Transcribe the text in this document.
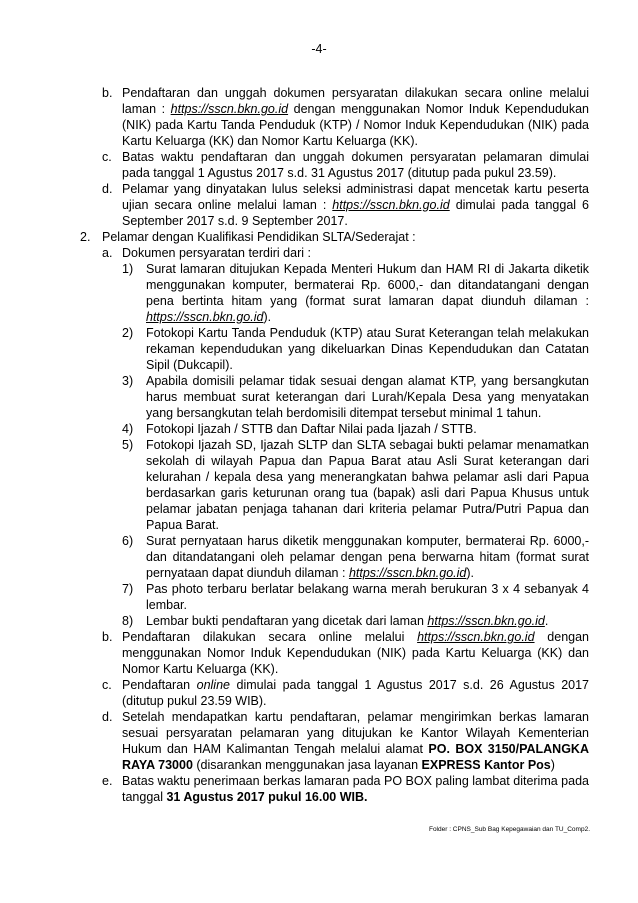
-4-
b. Pendaftaran dan unggah dokumen persyaratan dilakukan secara online melalui laman : https://sscn.bkn.go.id dengan menggunakan Nomor Induk Kependudukan (NIK) pada Kartu Tanda Penduduk (KTP) / Nomor Induk Kependudukan (NIK) pada Kartu Keluarga (KK) dan Nomor Kartu Keluarga (KK).
c. Batas waktu pendaftaran dan unggah dokumen persyaratan pelamaran dimulai pada tanggal 1 Agustus 2017 s.d. 31 Agustus 2017 (ditutup pada pukul 23.59).
d. Pelamar yang dinyatakan lulus seleksi administrasi dapat mencetak kartu peserta ujian secara online melalui laman : https://sscn.bkn.go.id dimulai pada tanggal 6 September 2017 s.d. 9 September 2017.
2. Pelamar dengan Kualifikasi Pendidikan SLTA/Sederajat :
a. Dokumen persyaratan terdiri dari :
1) Surat lamaran ditujukan Kepada Menteri Hukum dan HAM RI di Jakarta diketik menggunakan komputer, bermaterai Rp. 6000,- dan ditandatangani dengan pena bertinta hitam yang (format surat lamaran dapat diunduh dilaman : https://sscn.bkn.go.id).
2) Fotokopi Kartu Tanda Penduduk (KTP) atau Surat Keterangan telah melakukan rekaman kependudukan yang dikeluarkan Dinas Kependudukan dan Catatan Sipil (Dukcapil).
3) Apabila domisili pelamar tidak sesuai dengan alamat KTP, yang bersangkutan harus membuat surat keterangan dari Lurah/Kepala Desa yang menyatakan yang bersangkutan telah berdomisili ditempat tersebut minimal 1 tahun.
4) Fotokopi Ijazah / STTB dan Daftar Nilai pada Ijazah / STTB.
5) Fotokopi Ijazah SD, Ijazah SLTP dan SLTA sebagai bukti pelamar menamatkan sekolah di wilayah Papua dan Papua Barat atau Asli Surat keterangan dari kelurahan / kepala desa yang menerangkatan bahwa pelamar asli dari Papua berdasarkan garis keturunan orang tua (bapak) asli dari Papua Khusus untuk pelamar jabatan penjaga tahanan dari kriteria pelamar Putra/Putri Papua dan Papua Barat.
6) Surat pernyataan harus diketik menggunakan komputer, bermaterai Rp. 6000,- dan ditandatangani oleh pelamar dengan pena berwarna hitam (format surat pernyataan dapat diunduh dilaman : https://sscn.bkn.go.id).
7) Pas photo terbaru berlatar belakang warna merah berukuran 3 x 4 sebanyak 4 lembar.
8) Lembar bukti pendaftaran yang dicetak dari laman https://sscn.bkn.go.id.
b. Pendaftaran dilakukan secara online melalui https://sscn.bkn.go.id dengan menggunakan Nomor Induk Kependudukan (NIK) pada Kartu Keluarga (KK) dan Nomor Kartu Keluarga (KK).
c. Pendaftaran online dimulai pada tanggal 1 Agustus 2017 s.d. 26 Agustus 2017 (ditutup pukul 23.59 WIB).
d. Setelah mendapatkan kartu pendaftaran, pelamar mengirimkan berkas lamaran sesuai persyaratan pelamaran yang ditujukan ke Kantor Wilayah Kementerian Hukum dan HAM Kalimantan Tengah melalui alamat PO. BOX 3150/PALANGKA RAYA 73000 (disarankan menggunakan jasa layanan EXPRESS Kantor Pos)
e. Batas waktu penerimaan berkas lamaran pada PO BOX paling lambat diterima pada tanggal 31 Agustus 2017 pukul 16.00 WIB.
Folder : CPNS_Sub Bag Kepegawaian dan TU_Comp2.
